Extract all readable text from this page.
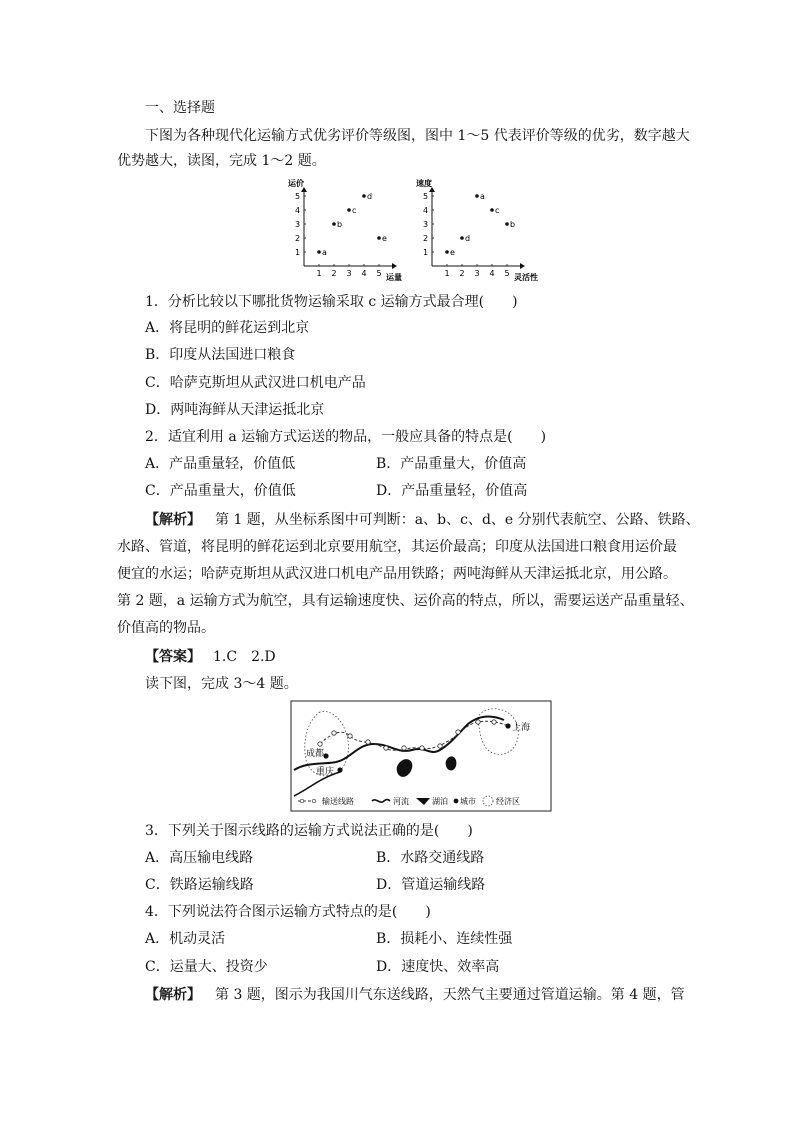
一、选择题
下图为各种现代化运输方式优劣评价等级图，图中 1～5 代表评价等级的优劣，数字越大
优势越大，读图，完成 1～2 题。
运价
运量
1 2 3 4 5
1
2
3
4
5
a
b
c
d
e
速度
灵活性
1 2 3 4 5
1
2
3
4
5
e
d
a
c
b
1．分析比较以下哪批货物运输采取 c 运输方式最合理(　　)
A．将昆明的鲜花运到北京
B．印度从法国进口粮食
C．哈萨克斯坦从武汉进口机电产品
D．两吨海鲜从天津运抵北京
2．适宜利用 a 运输方式运送的物品，一般应具备的特点是(　　)
A．产品重量轻，价值低	B．产品重量大，价值高
C．产品重量大，价值低	D．产品重量轻，价值高
【解析】 第 1 题，从坐标系图中可判断：a、b、c、d、e 分别代表航空、公路、铁路、
水路、管道，将昆明的鲜花运到北京要用航空，其运价最高；印度从法国进口粮食用运价最
便宜的水运；哈萨克斯坦从武汉进口机电产品用铁路；两吨海鲜从天津运抵北京，用公路。
第 2 题，a 运输方式为航空，具有运输速度快、运价高的特点，所以，需要运送产品重量轻、
价值高的物品。
【答案】 1.C　2.D
读下图，完成 3～4 题。
上海
成都
重庆
输送线路	河流	湖泊 城市	经济区
3．下列关于图示线路的运输方式说法正确的是(　　)
A．高压输电线路	B．水路交通线路
C．铁路运输线路	D．管道运输线路
4．下列说法符合图示运输方式特点的是(　　)
A．机动灵活	B．损耗小、连续性强
C．运量大、投资少	D．速度快、效率高
【解析】 第 3 题，图示为我国川气东送线路，天然气主要通过管道运输。第 4 题，管
